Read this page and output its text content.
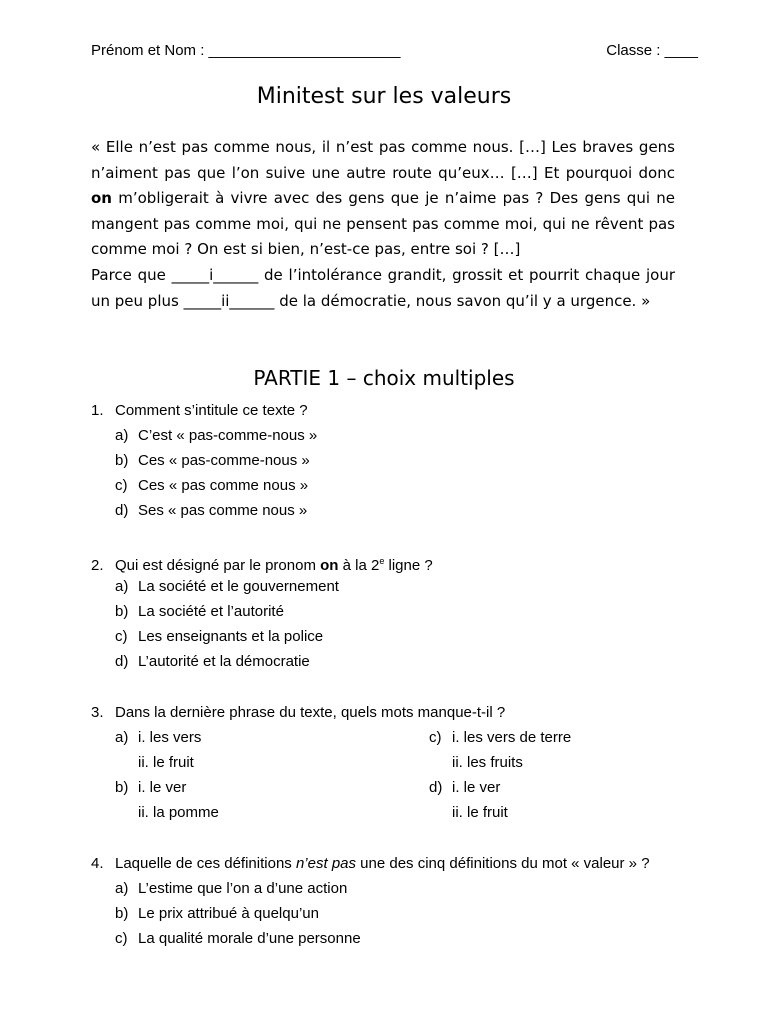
Prénom et Nom : _______________________	Classe : ____
Minitest sur les valeurs

« Elle n’est pas comme nous, il n’est pas comme nous. […] Les braves gens n’aiment pas que l’on suive une autre route qu’eux… […] Et pourquoi donc on m’obligerait à vivre avec des gens que je n’aime pas ? Des gens qui ne mangent pas comme moi, qui ne pensent pas comme moi, qui ne rêvent pas comme moi ? On est si bien, n’est-ce pas, entre soi ? […]

Parce que _____i______ de l’intolérance grandit, grossit et pourrit chaque jour un peu plus _____ii______ de la démocratie, nous savon qu’il y a urgence. »

PARTIE 1 – choix multiples
1. Comment s’intitule ce texte ?
a) C’est « pas-comme-nous »
b) Ces « pas-comme-nous »
c) Ces « pas comme nous »
d) Ses « pas comme nous »
2. Qui est désigné par le pronom on à la 2e ligne ?
a) La société et le gouvernement
b) La société et l’autorité
c) Les enseignants et la police
d) L’autorité et la démocratie
3. Dans la dernière phrase du texte, quels mots manque-t-il ?
a) i. les vers
ii. le fruit
b) i. le ver
ii. la pomme
c) i. les vers de terre
ii. les fruits
d) i. le ver
ii. le fruit
4. Laquelle de ces définitions n’est pas une des cinq définitions du mot « valeur » ?
a) L’estime que l’on a d’une action
b) Le prix attribué à quelqu’un
c) La qualité morale d’une personne
